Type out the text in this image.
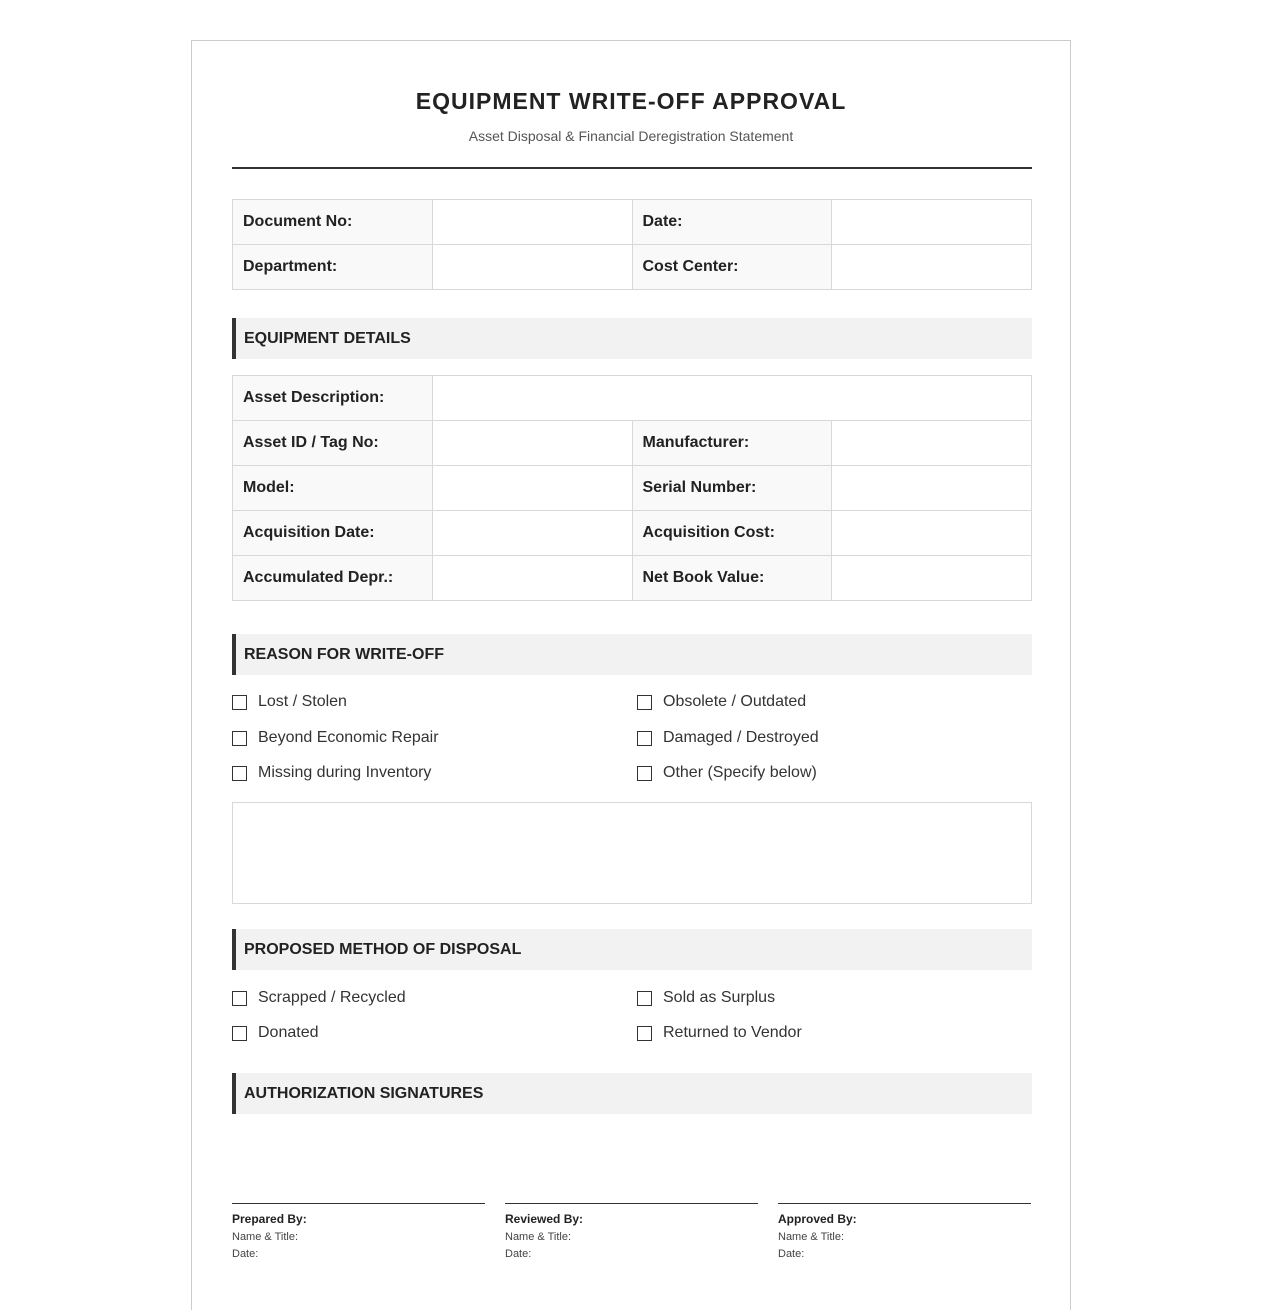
EQUIPMENT WRITE-OFF APPROVAL
Asset Disposal & Financial Deregistration Statement
Document No:		Date:	
Department:		Cost Center:	
EQUIPMENT DETAILS
Asset Description:			
Asset ID / Tag No:		Manufacturer:	
Model:		Serial Number:	
Acquisition Date:		Acquisition Cost:	
Accumulated Depr.:		Net Book Value:	
REASON FOR WRITE-OFF
Lost / Stolen
Beyond Economic Repair
Missing during Inventory
Obsolete / Outdated
Damaged / Destroyed
Other (Specify below)
PROPOSED METHOD OF DISPOSAL
Scrapped / Recycled
Donated
Sold as Surplus
Returned to Vendor
AUTHORIZATION SIGNATURES
Prepared By:
Name & Title:
Date:
Reviewed By:
Name & Title:
Date:
Approved By:
Name & Title:
Date:
